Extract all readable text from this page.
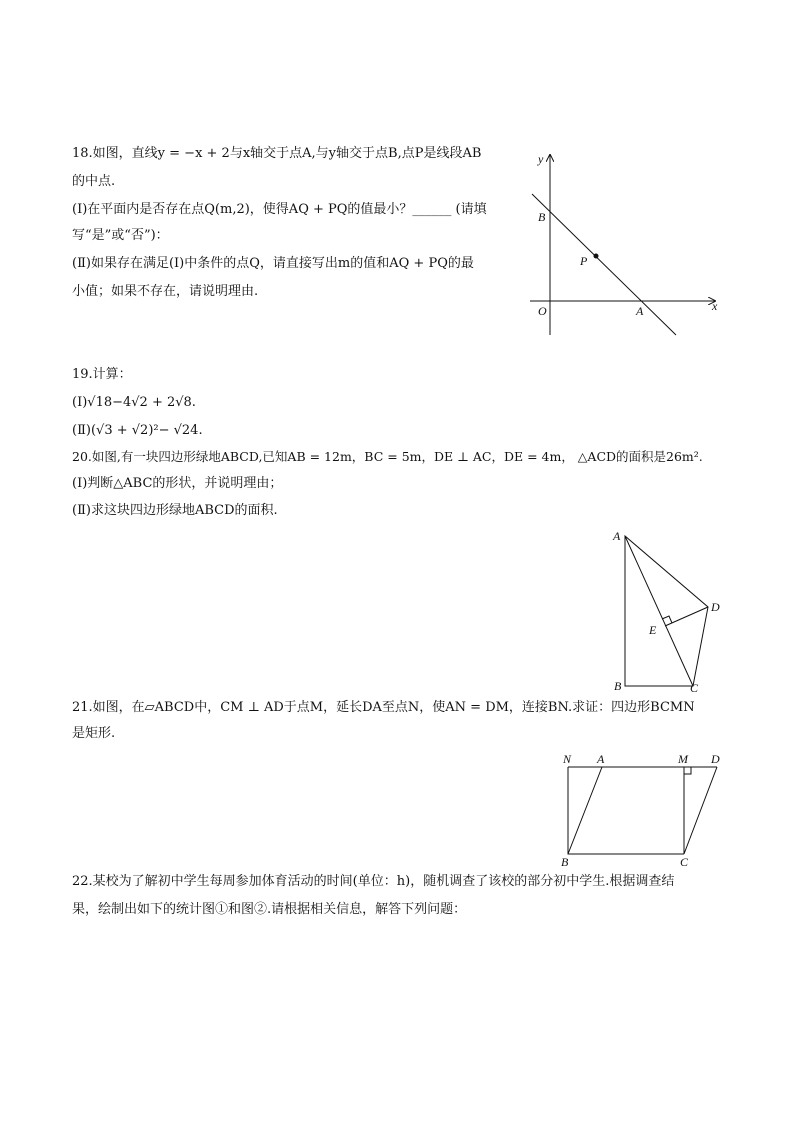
18.如图，直线y = −x + 2与x轴交于点A,与y轴交于点B,点P是线段AB
的中点.
(Ⅰ)在平面内是否存在点Q(m,2)，使得AQ + PQ的值最小？______ (请填
写“是”或“否”)：
(Ⅱ)如果存在满足(Ⅰ)中条件的点Q，请直接写出m的值和AQ + PQ的最
小值；如果不存在，请说明理由.
y
x
B
P
O	A
19.计算：
(Ⅰ)√18−4√2 + 2√8.
(Ⅱ)(√3 + √2)²− √24.
20.如图,有一块四边形绿地ABCD,已知AB = 12m，BC = 5m，DE ⊥ AC，DE = 4m， △ACD的面积是26m².
(Ⅰ)判断△ABC的形状，并说明理由；
(Ⅱ)求这块四边形绿地ABCD的面积.
A
D
E
B	C
21.如图，在▱ABCD中，CM ⊥ AD于点M，延长DA至点N，使AN = DM，连接BN.求证：四边形BCMN
是矩形.
N A	M D
B	C
22.某校为了解初中学生每周参加体育活动的时间(单位：h)，随机调查了该校的部分初中学生.根据调查结
果，绘制出如下的统计图①和图②.请根据相关信息，解答下列问题：
